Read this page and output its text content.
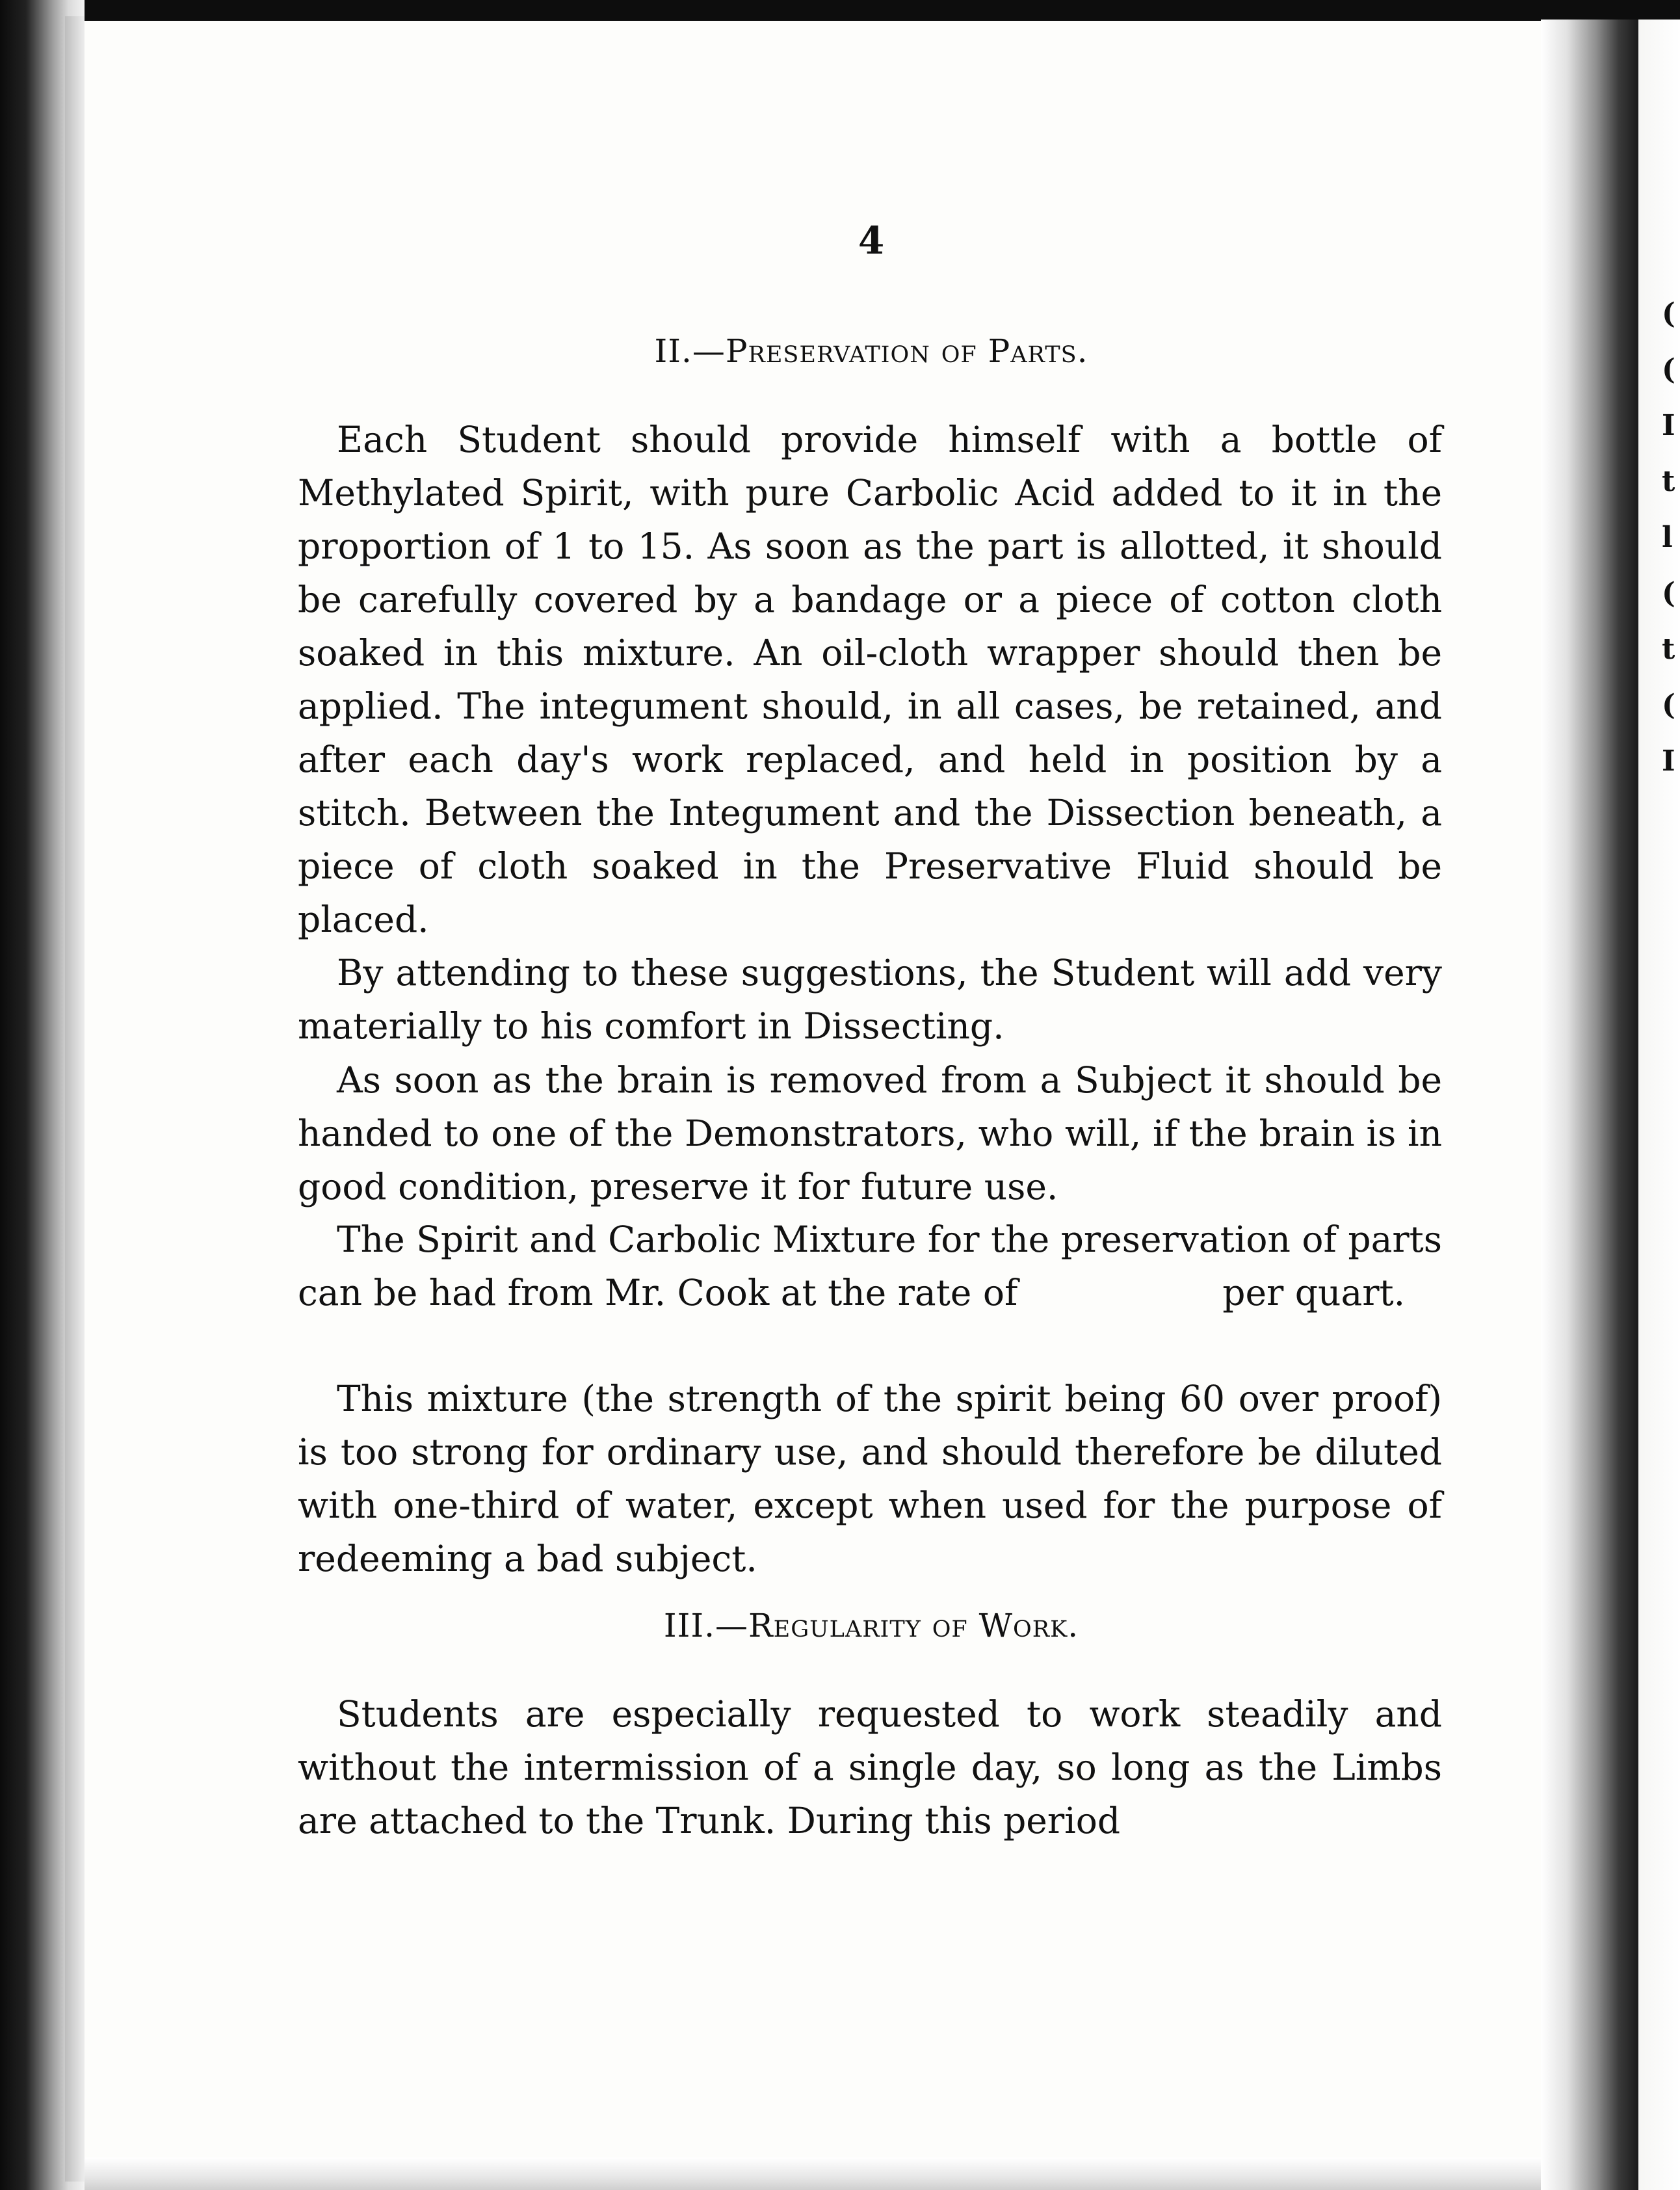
(
(
I
t
l
(
t
(
I
4
II.—Preservation of Parts.

Each Student should provide himself with a bottle of Methylated Spirit, with pure Carbolic Acid added to it in the proportion of 1 to 15. As soon as the part is allotted, it should be carefully covered by a bandage or a piece of cotton cloth soaked in this mixture. An oil-cloth wrapper should then be applied. The integument should, in all cases, be retained, and after each day's work replaced, and held in position by a stitch. Between the Integument and the Dissection beneath, a piece of cloth soaked in the Preservative Fluid should be placed.

By attending to these suggestions, the Student will add very materially to his comfort in Dissecting.

As soon as the brain is removed from a Subject it should be handed to one of the Demonstrators, who will, if the brain is in good condition, preserve it for future use.

The Spirit and Carbolic Mixture for the preservation of parts can be had from Mr. Cook at the rate of	per quart.

This mixture (the strength of the spirit being 60 over proof) is too strong for ordinary use, and should therefore be diluted with one-third of water, except when used for the purpose of redeeming a bad subject.

III.—Regularity of Work.

Students are especially requested to work steadily and without the intermission of a single day, so long as the Limbs are attached to the Trunk. During this period
